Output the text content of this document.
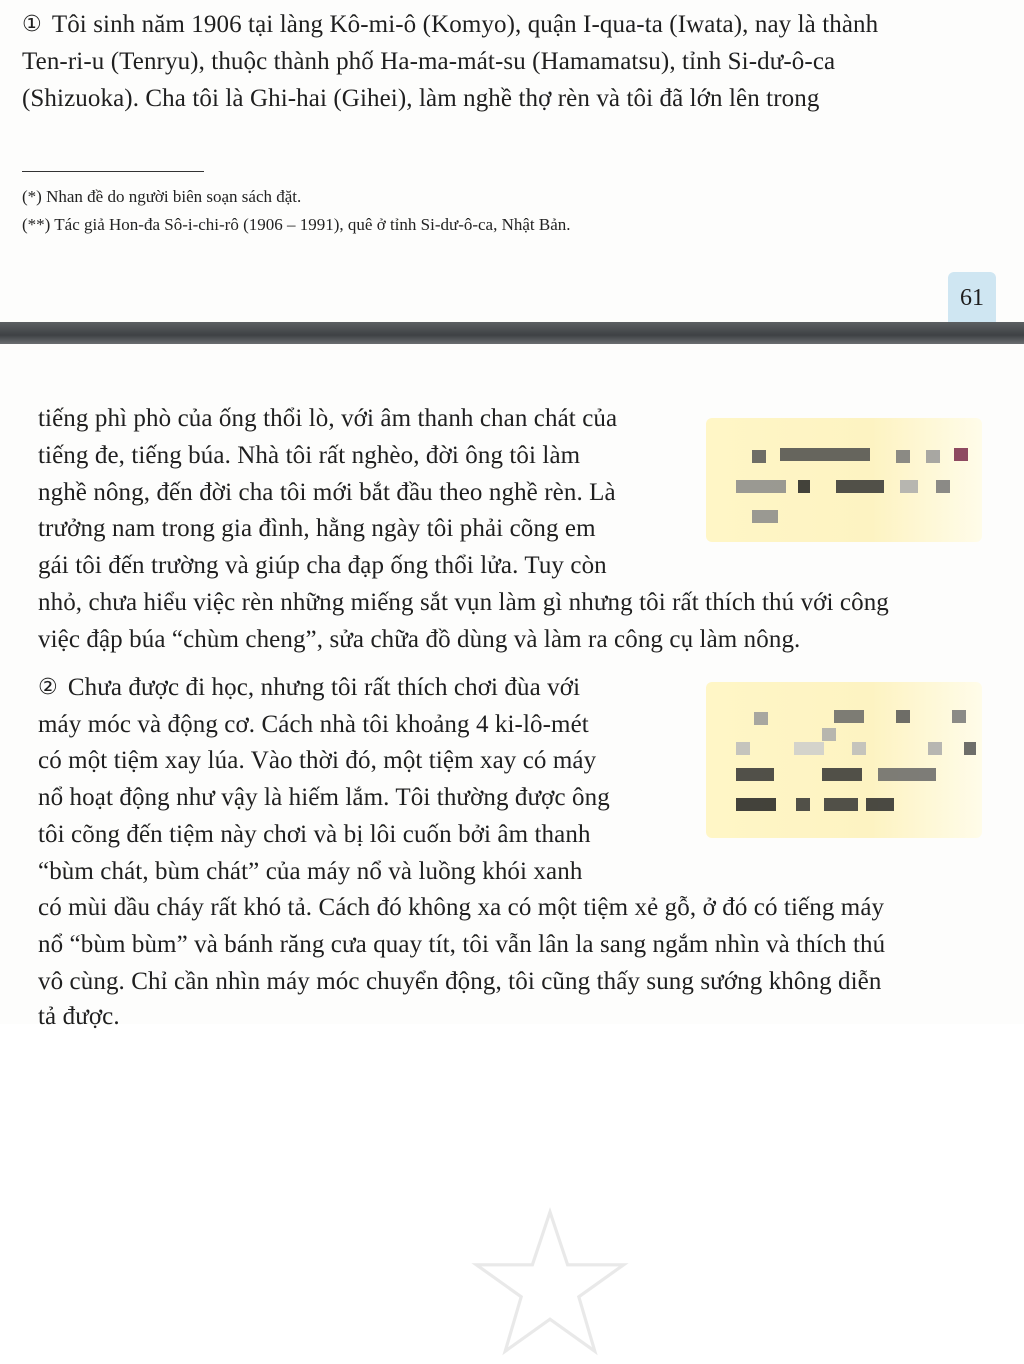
① Tôi sinh năm 1906 tại làng Kô-mi-ô (Komyo), quận I-qua-ta (Iwata), nay là thành

Ten-ri-u (Tenryu), thuộc thành phố Ha-ma-mát-su (Hamamatsu), tỉnh Si-dư-ô-ca

(Shizuoka). Cha tôi là Ghi-hai (Gihei), làm nghề thợ rèn và tôi đã lớn lên trong

(*) Nhan đề do người biên soạn sách đặt.

(**) Tác giả Hon-đa Sô-i-chi-rô (1906 – 1991), quê ở tỉnh Si-dư-ô-ca, Nhật Bản.

61

tiếng phì phò của ống thổi lò, với âm thanh chan chát của

tiếng đe, tiếng búa. Nhà tôi rất nghèo, đời ông tôi làm

nghề nông, đến đời cha tôi mới bắt đầu theo nghề rèn. Là

trưởng nam trong gia đình, hằng ngày tôi phải cõng em

gái tôi đến trường và giúp cha đạp ống thổi lửa. Tuy còn

nhỏ, chưa hiểu việc rèn những miếng sắt vụn làm gì nhưng tôi rất thích thú với công

việc đập búa “chùm cheng”, sửa chữa đồ dùng và làm ra công cụ làm nông.

② Chưa được đi học, nhưng tôi rất thích chơi đùa với

máy móc và động cơ. Cách nhà tôi khoảng 4 ki-lô-mét

có một tiệm xay lúa. Vào thời đó, một tiệm xay có máy

nổ hoạt động như vậy là hiếm lắm. Tôi thường được ông

tôi cõng đến tiệm này chơi và bị lôi cuốn bởi âm thanh

“bùm chát, bùm chát” của máy nổ và luồng khói xanh

có mùi dầu cháy rất khó tả. Cách đó không xa có một tiệm xẻ gỗ, ở đó có tiếng máy

nổ “bùm bùm” và bánh răng cưa quay tít, tôi vẫn lân la sang ngắm nhìn và thích thú

vô cùng. Chỉ cần nhìn máy móc chuyển động, tôi cũng thấy sung sướng không diễn

tả được.
